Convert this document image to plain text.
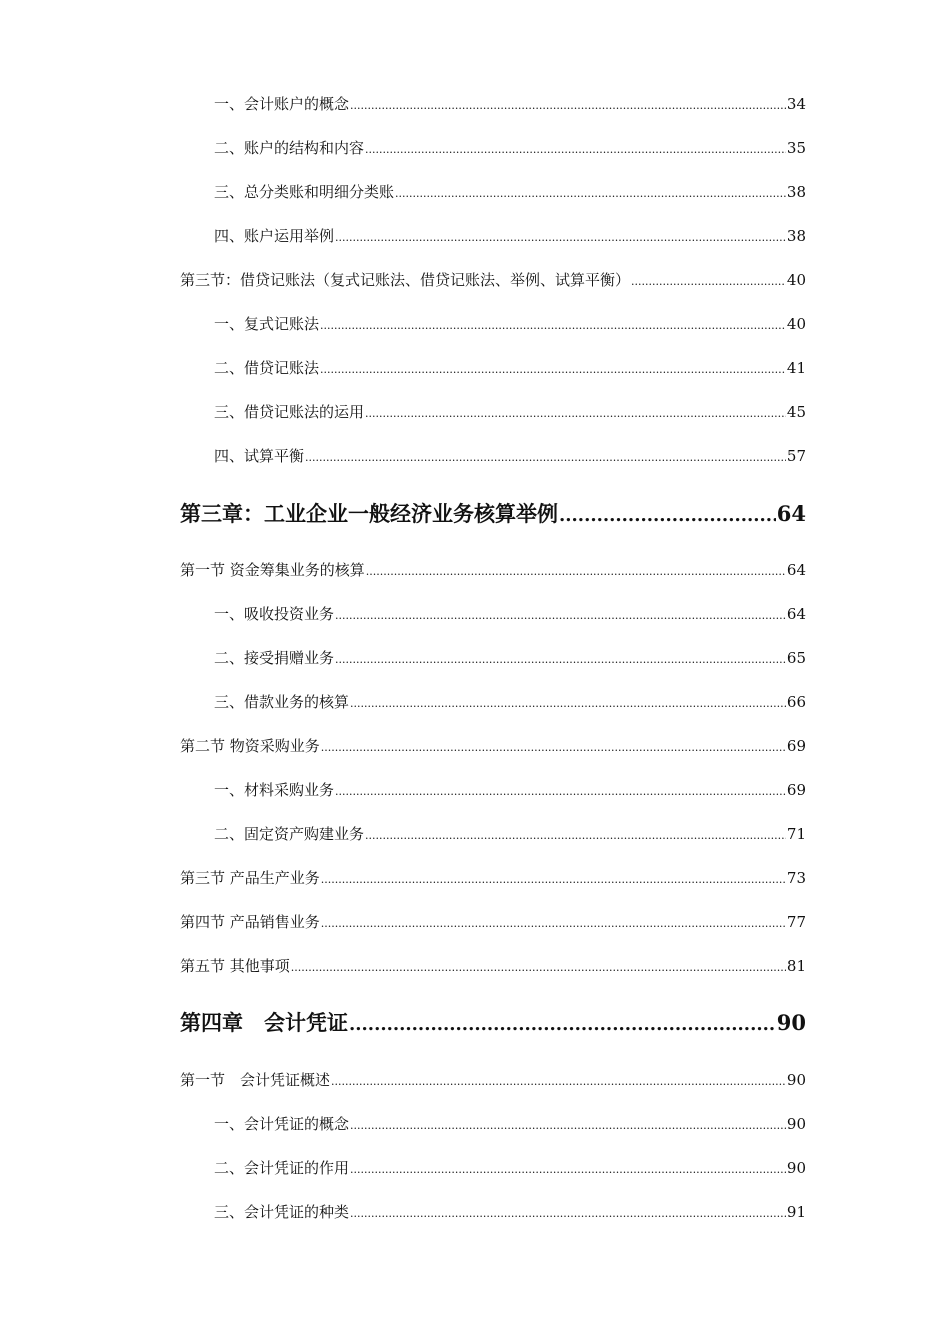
一、会计账户的概念 .....	34
二、账户的结构和内容 .....	35
三、总分类账和明细分类账 .....	38
四、账户运用举例 .....	38
第三节：借贷记账法（复式记账法、借贷记账法、举例、试算平衡） .....	40
一、复式记账法 .....	40
二、借贷记账法 .....	41
三、借贷记账法的运用 .....	45
四、试算平衡 .....	57
第三章：工业企业一般经济业务核算举例 .....	64
第一节 资金筹集业务的核算 .....	64
一、吸收投资业务 .....	64
二、接受捐赠业务 .....	65
三、借款业务的核算 .....	66
第二节 物资采购业务 .....	69
一、材料采购业务 .....	69
二、固定资产购建业务 .....	71
第三节 产品生产业务 .....	73
第四节 产品销售业务 .....	77
第五节 其他事项 .....	81
第四章　会计凭证 .....	90
第一节　会计凭证概述 .....	90
一、会计凭证的概念 .....	90
二、会计凭证的作用 .....	90
三、会计凭证的种类 .....	91
